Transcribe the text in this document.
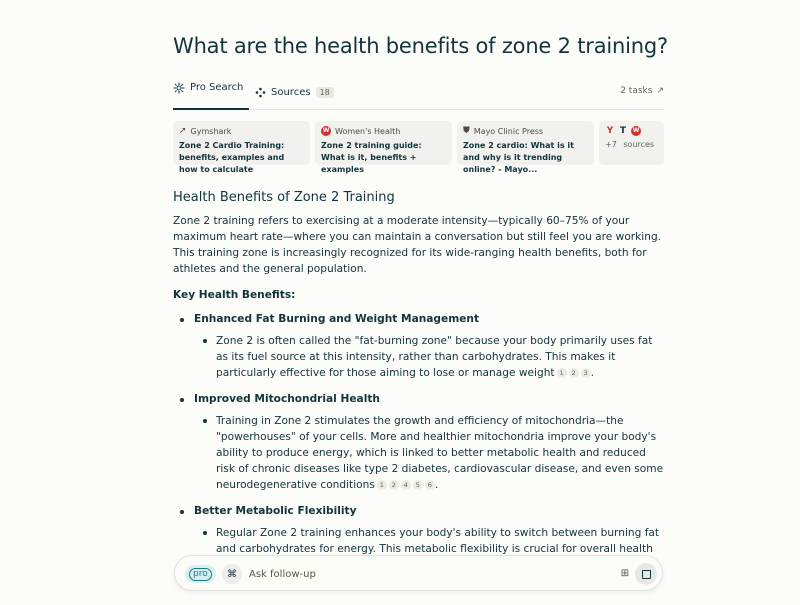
What are the health benefits of zone 2 training?
Pro Search	Sources	18	2 tasks ↗
➚ Gymshark
Zone 2 Cardio Training: benefits, examples and how to calculate
W Women's Health
Zone 2 training guide: What is it, benefits + examples
⛊ Mayo Clinic Press
Zone 2 cardio: What is it and why is it trending online? - Mayo...
Y T	W
+7 sources
Health Benefits of Zone 2 Training

Zone 2 training refers to exercising at a moderate intensity—typically 60–75% of your maximum heart rate—where you can maintain a conversation but still feel you are working. This training zone is increasingly recognized for its wide-ranging health benefits, both for athletes and the general population.

Key Health Benefits:
Enhanced Fat Burning and Weight Management
Zone 2 is often called the "fat-burning zone" because your body primarily uses fat as its fuel source at this intensity, rather than carbohydrates. This makes it particularly effective for those aiming to lose or manage weight 1 2 3 .
Improved Mitochondrial Health
Training in Zone 2 stimulates the growth and efficiency of mitochondria—the "powerhouses" of your cells. More and healthier mitochondria improve your body's ability to produce energy, which is linked to better metabolic health and reduced risk of chronic diseases like type 2 diabetes, cardiovascular disease, and even some neurodegenerative conditions 1 2 4 5 6 .
Better Metabolic Flexibility
Regular Zone 2 training enhances your body's ability to switch between burning fat and carbohydrates for energy. This metabolic flexibility is crucial for overall health
pro	⌘
Ask follow-up	⊞
